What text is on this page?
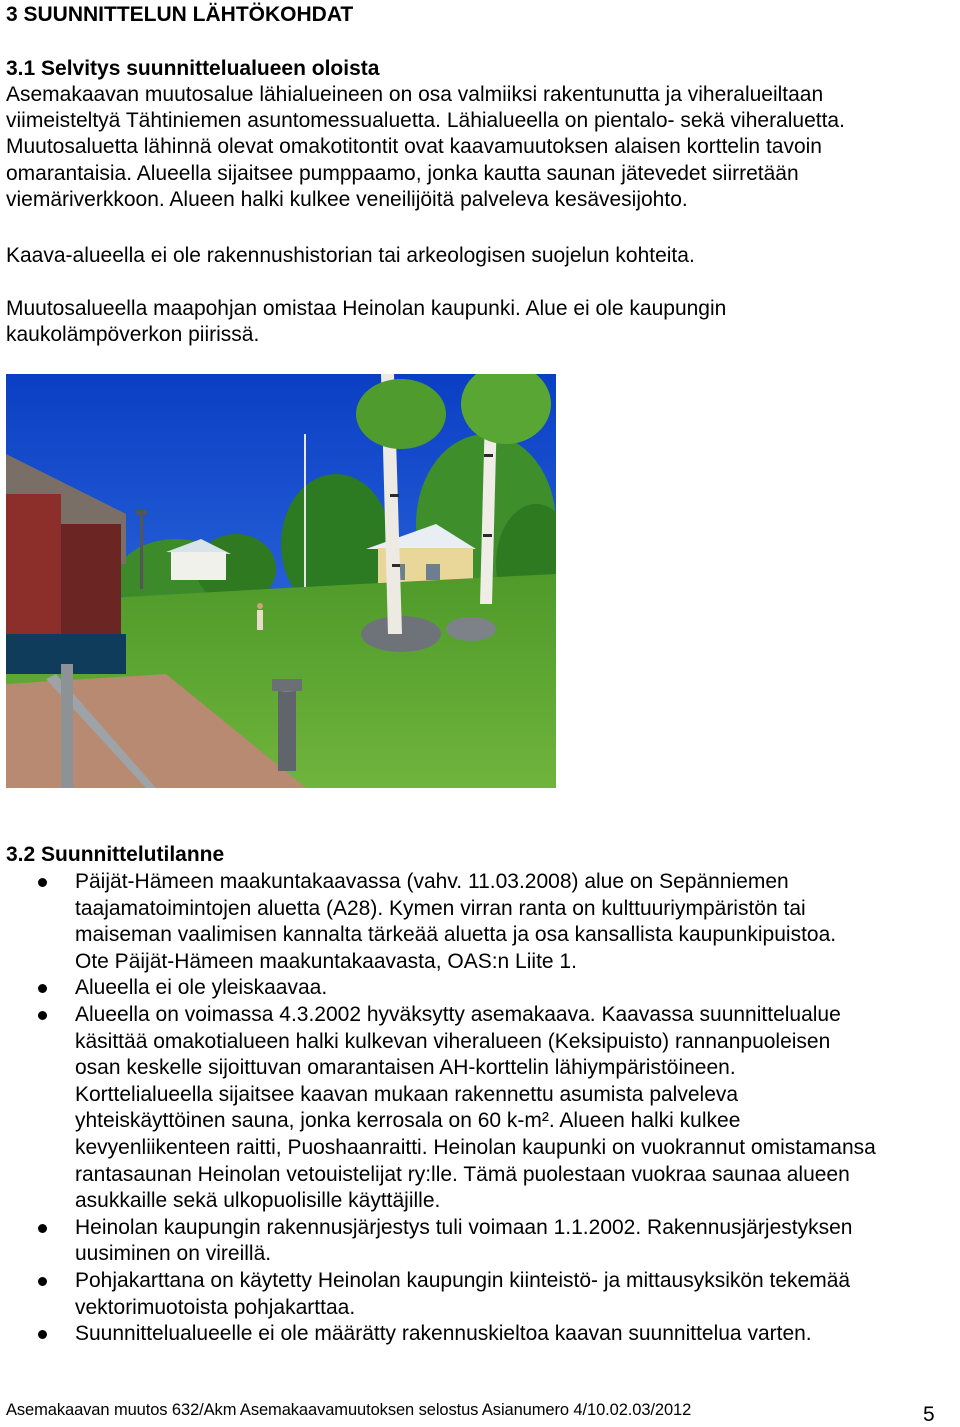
3 SUUNNITTELUN LÄHTÖKOHDAT
3.1 Selvitys suunnittelualueen oloista
Asemakaavan muutosalue lähialueineen on osa valmiiksi rakentunutta ja viheralueiltaan
viimeisteltyä Tähtiniemen asuntomessualuetta. Lähialueella on pientalo- sekä viheraluetta.
Muutosaluetta lähinnä olevat omakotitontit ovat kaavamuutoksen alaisen korttelin tavoin
omarantaisia. Alueella sijaitsee pumppaamo, jonka kautta saunan jätevedet siirretään
viemäriverkkoon. Alueen halki kulkee veneilijöitä palveleva kesävesijohto.
Kaava-alueella ei ole rakennushistorian tai arkeologisen suojelun kohteita.
Muutosalueella maapohjan omistaa Heinolan kaupunki. Alue ei ole kaupungin
kaukolämpöverkon piirissä.
3.2 Suunnittelutilanne
Päijät-Hämeen maakuntakaavassa (vahv. 11.03.2008) alue on Sepänniemen
taajamatoimintojen aluetta (A28). Kymen virran ranta on kulttuuriympäristön tai
maiseman vaalimisen kannalta tärkeää aluetta ja osa kansallista kaupunkipuistoa.
Ote Päijät-Hämeen maakuntakaavasta, OAS:n Liite 1.
Alueella ei ole yleiskaavaa.
Alueella on voimassa 4.3.2002 hyväksytty asemakaava. Kaavassa suunnittelualue
käsittää omakotialueen halki kulkevan viheralueen (Keksipuisto) rannanpuoleisen
osan keskelle sijoittuvan omarantaisen AH-korttelin lähiympäristöineen.
Korttelialueella sijaitsee kaavan mukaan rakennettu asumista palveleva
yhteiskäyttöinen sauna, jonka kerrosala on 60 k-m². Alueen halki kulkee
kevyenliikenteen raitti, Puoshaanraitti. Heinolan kaupunki on vuokrannut omistamansa
rantasaunan Heinolan vetouistelijat ry:lle. Tämä puolestaan vuokraa saunaa alueen
asukkaille sekä ulkopuolisille käyttäjille.
Heinolan kaupungin rakennusjärjestys tuli voimaan 1.1.2002. Rakennusjärjestyksen
uusiminen on vireillä.
Pohjakarttana on käytetty Heinolan kaupungin kiinteistö- ja mittausyksikön tekemää
vektorimuotoista pohjakarttaa.
Suunnittelualueelle ei ole määrätty rakennuskieltoa kaavan suunnittelua varten.
Asemakaavan muutos 632/Akm Asemakaavamuutoksen selostus Asianumero 4/10.02.03/2012	5
